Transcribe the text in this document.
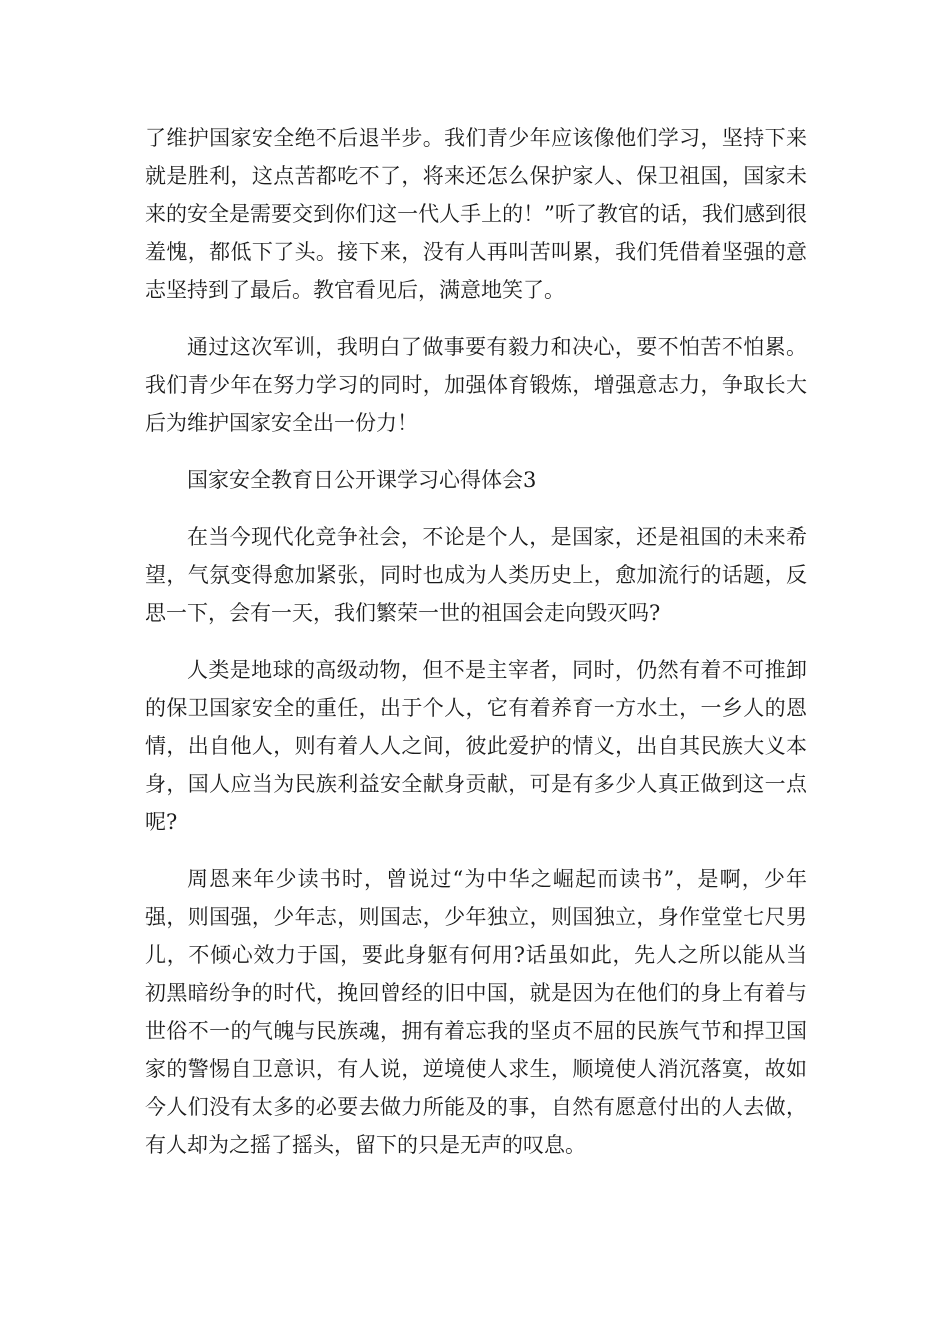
了维护国家安全绝不后退半步。我们青少年应该像他们学习，坚持下来就是胜利，这点苦都吃不了，将来还怎么保护家人、保卫祖国，国家未来的安全是需要交到你们这一代人手上的！”听了教官的话，我们感到很羞愧，都低下了头。接下来，没有人再叫苦叫累，我们凭借着坚强的意志坚持到了最后。教官看见后，满意地笑了。

通过这次军训，我明白了做事要有毅力和决心，要不怕苦不怕累。我们青少年在努力学习的同时，加强体育锻炼，增强意志力，争取长大后为维护国家安全出一份力！

国家安全教育日公开课学习心得体会3

在当今现代化竞争社会，不论是个人，是国家，还是祖国的未来希望，气氛变得愈加紧张，同时也成为人类历史上，愈加流行的话题，反思一下，会有一天，我们繁荣一世的祖国会走向毁灭吗?

人类是地球的高级动物，但不是主宰者，同时，仍然有着不可推卸的保卫国家安全的重任，出于个人，它有着养育一方水土，一乡人的恩情，出自他人，则有着人人之间，彼此爱护的情义，出自其民族大义本身，国人应当为民族利益安全献身贡献，可是有多少人真正做到这一点呢?

周恩来年少读书时，曾说过“为中华之崛起而读书”，是啊，少年强，则国强，少年志，则国志，少年独立，则国独立，身作堂堂七尺男儿，不倾心效力于国，要此身躯有何用?话虽如此，先人之所以能从当初黑暗纷争的时代，挽回曾经的旧中国，就是因为在他们的身上有着与世俗不一的气魄与民族魂，拥有着忘我的坚贞不屈的民族气节和捍卫国家的警惕自卫意识，有人说，逆境使人求生，顺境使人消沉落寞，故如今人们没有太多的必要去做力所能及的事，自然有愿意付出的人去做，有人却为之摇了摇头，留下的只是无声的叹息。
